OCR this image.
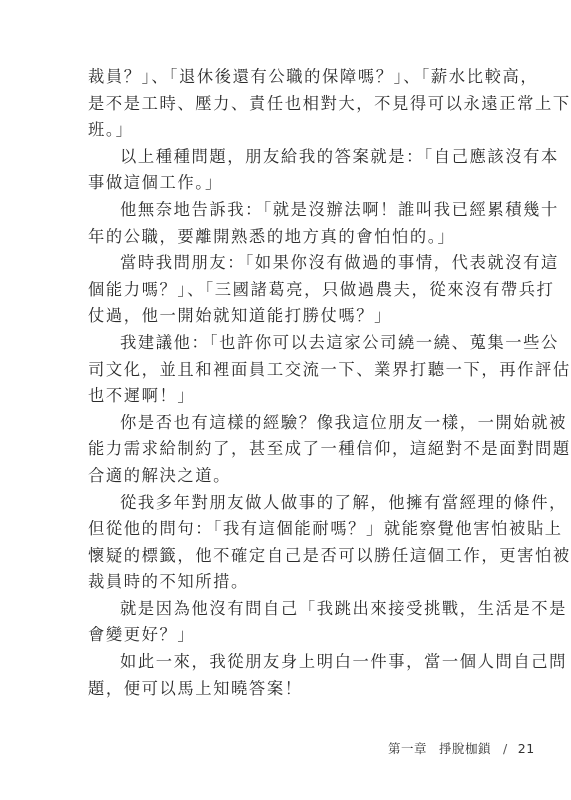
裁員？」、「退休後還有公職的保障嗎？」、「薪水比較高，
是不是工時、壓力、責任也相對大，不見得可以永遠正常上下
班。」

以上種種問題，朋友給我的答案就是：「自己應該沒有本
事做這個工作。」

他無奈地告訴我：「就是沒辦法啊！誰叫我已經累積幾十
年的公職，要離開熟悉的地方真的會怕怕的。」

當時我問朋友：「如果你沒有做過的事情，代表就沒有這
個能力嗎？」、「三國諸葛亮，只做過農夫，從來沒有帶兵打
仗過，他一開始就知道能打勝仗嗎？」

我建議他：「也許你可以去這家公司繞一繞、蒐集一些公
司文化，並且和裡面員工交流一下、業界打聽一下，再作評估
也不遲啊！」

你是否也有這樣的經驗？像我這位朋友一樣，一開始就被
能力需求給制約了，甚至成了一種信仰，這絕對不是面對問題
合適的解決之道。

從我多年對朋友做人做事的了解，他擁有當經理的條件，
但從他的問句：「我有這個能耐嗎？」就能察覺他害怕被貼上
懷疑的標籤，他不確定自己是否可以勝任這個工作，更害怕被
裁員時的不知所措。

就是因為他沒有問自己「我跳出來接受挑戰，生活是不是
會變更好？」

如此一來，我從朋友身上明白一件事，當一個人問自己問
題，便可以馬上知曉答案！

第一章 掙脫枷鎖 / 21
